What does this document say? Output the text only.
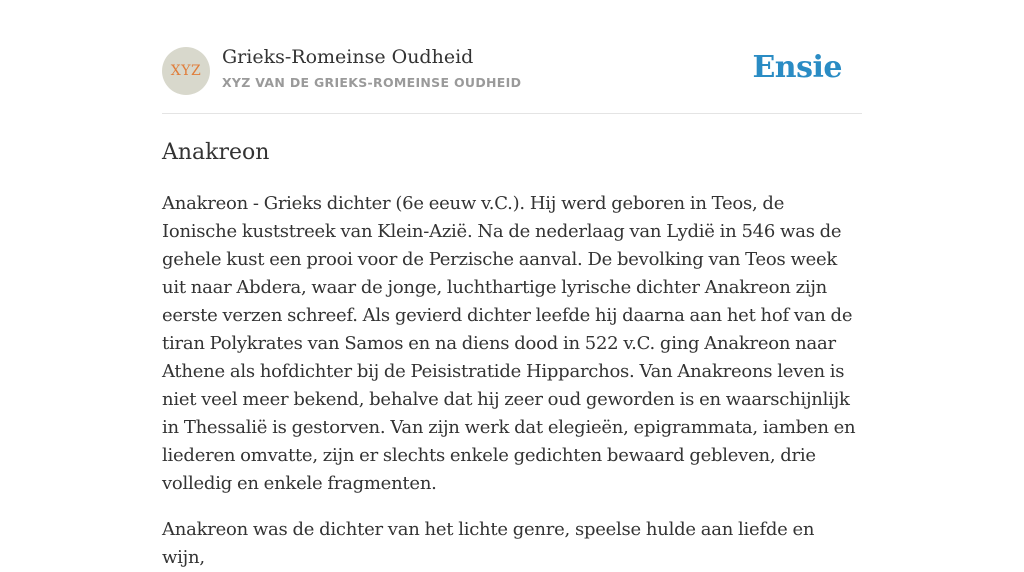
XYZ
Grieks-Romeinse Oudheid
XYZ VAN DE GRIEKS-ROMEINSE OUDHEID	Ensie
Anakreon

Anakreon - Grieks dichter (6e eeuw v.C.). Hij werd geboren in Teos, de Ionische kuststreek van Klein-Azië. Na de nederlaag van Lydië in 546 was de gehele kust een prooi voor de Perzische aanval. De bevolking van Teos week uit naar Abdera, waar de jonge, luchthartige lyrische dichter Anakreon zijn eerste verzen schreef. Als gevierd dichter leefde hij daarna aan het hof van de tiran Polykrates van Samos en na diens dood in 522 v.C. ging Anakreon naar Athene als hofdichter bij de Peisistratide Hipparchos. Van Anakreons leven is niet veel meer bekend, behalve dat hij zeer oud geworden is en waarschijnlijk in Thessalië is gestorven. Van zijn werk dat elegieën, epigrammata, iamben en liederen omvatte, zijn er slechts enkele gedichten bewaard gebleven, drie volledig en enkele fragmenten.

Anakreon was de dichter van het lichte genre, speelse hulde aan liefde en wijn,
